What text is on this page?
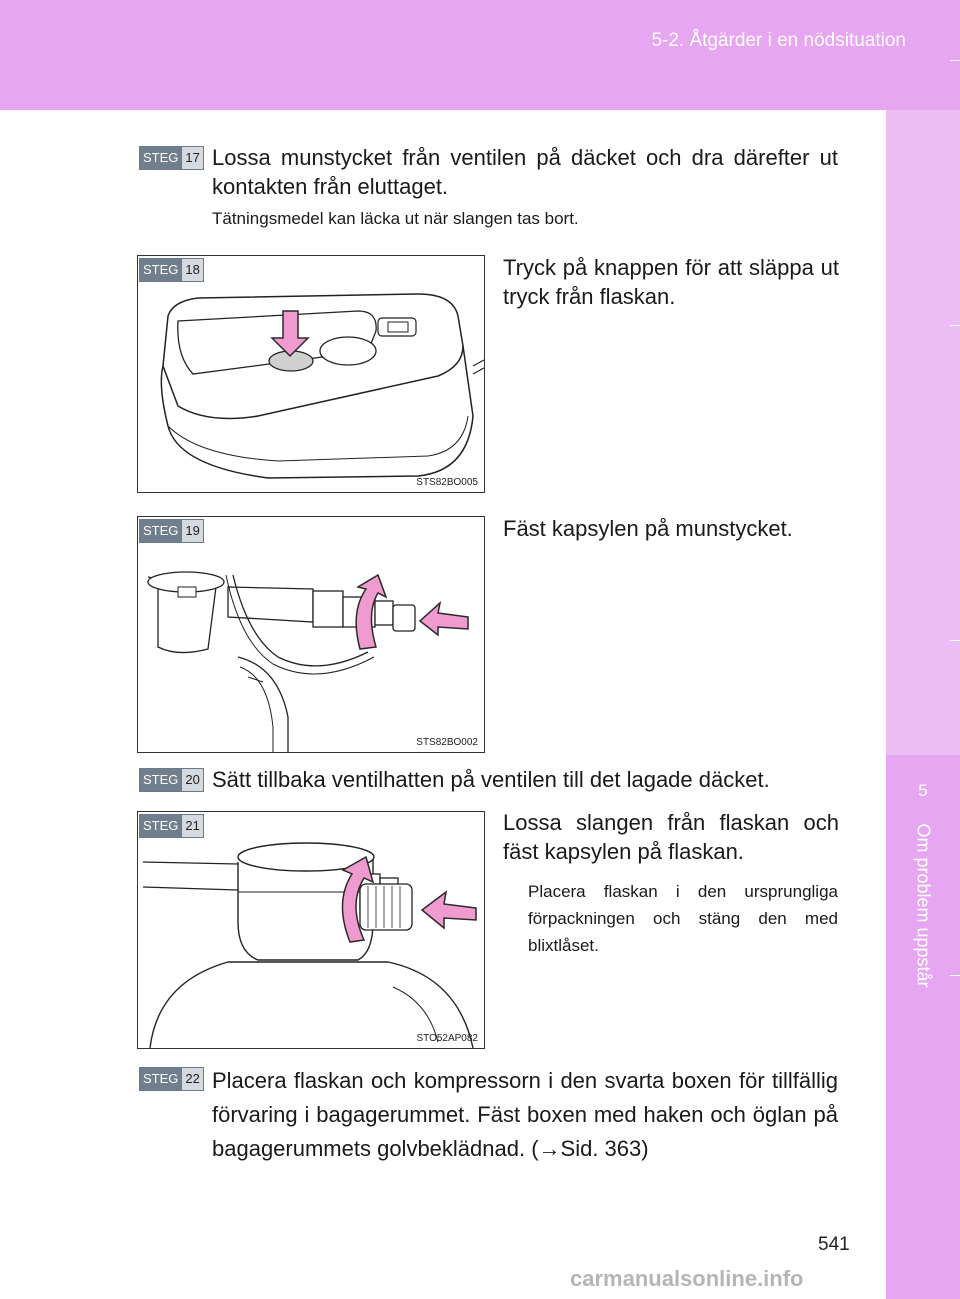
5-2. Åtgärder i en nödsituation
5
Om problem uppstår
STEG 17 Lossa munstycket från ventilen på däcket och dra därefter ut kontakten från eluttaget.
Tätningsmedel kan läcka ut när slangen tas bort.
STS82BO005
STEG 18	Tryck på knappen för att släppa ut tryck från flaskan.
STS82BO002
STEG 19	Fäst kapsylen på munstycket.
STEG 20 Sätt tillbaka ventilhatten på ventilen till det lagade däcket.
STO52AP082
STEG 21	Lossa slangen från flaskan och fäst kapsylen på flaskan.
Placera flaskan i den ursprungliga förpackningen och stäng den med blixtlåset.
STEG 22 Placera flaskan och kompressorn i den svarta boxen för tillfällig förvaring i bagagerummet. Fäst boxen med haken och öglan på bagagerummets golvbeklädnad. (→Sid. 363)
541
carmanualsonline.info
